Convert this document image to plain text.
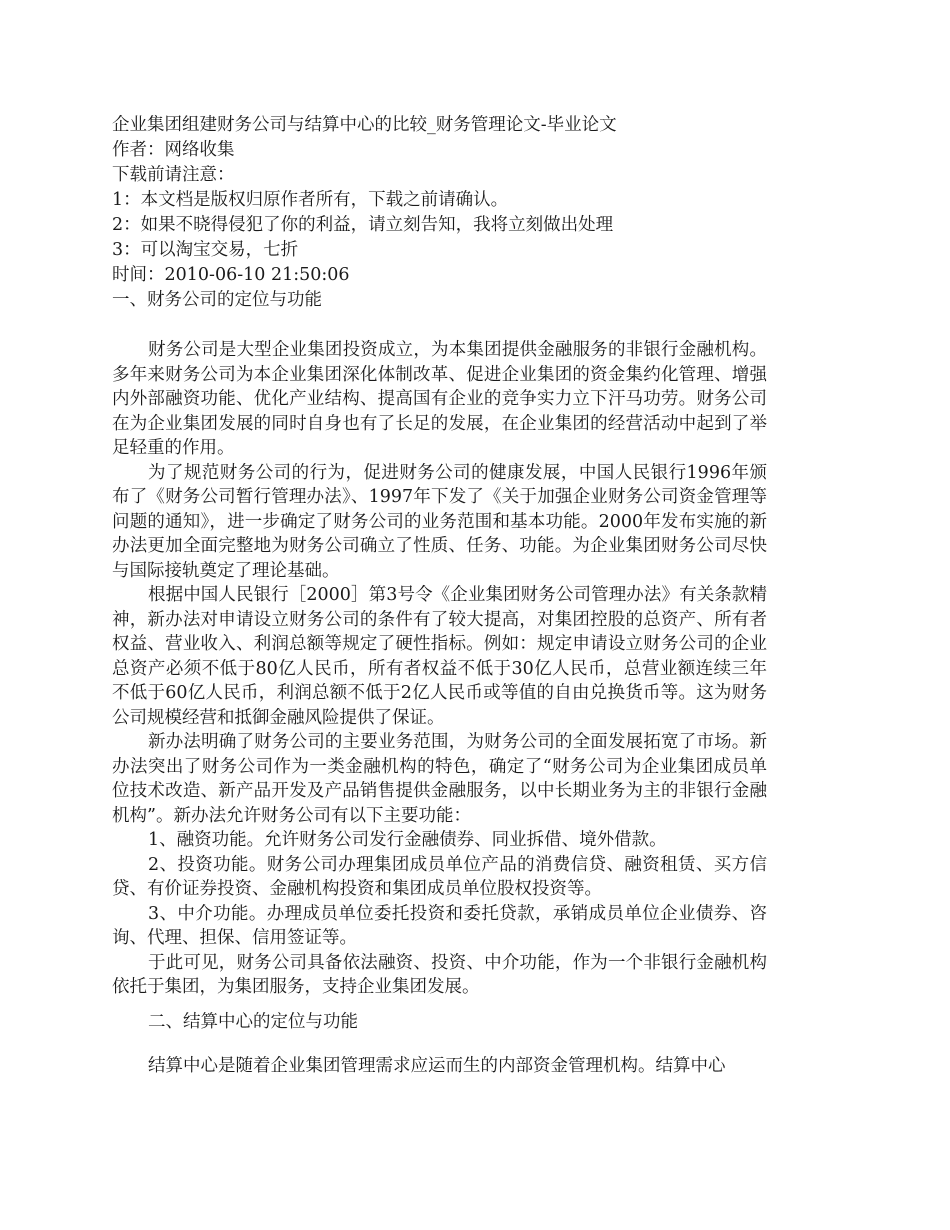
企业集团组建财务公司与结算中心的比较_财务管理论文-毕业论文
作者：网络收集
下载前请注意：
1：本文档是版权归原作者所有，下载之前请确认。
2：如果不晓得侵犯了你的利益，请立刻告知，我将立刻做出处理
3：可以淘宝交易，七折
时间：2010-06-10 21:50:06
一、财务公司的定位与功能

财务公司是大型企业集团投资成立，为本集团提供金融服务的非银行金融机构。多年来财务公司为本企业集团深化体制改革、促进企业集团的资金集约化管理、增强内外部融资功能、优化产业结构、提高国有企业的竞争实力立下汗马功劳。财务公司在为企业集团发展的同时自身也有了长足的发展，在企业集团的经营活动中起到了举足轻重的作用。

为了规范财务公司的行为，促进财务公司的健康发展，中国人民银行1996年颁布了《财务公司暂行管理办法》、1997年下发了《关于加强企业财务公司资金管理等问题的通知》，进一步确定了财务公司的业务范围和基本功能。2000年发布实施的新办法更加全面完整地为财务公司确立了性质、任务、功能。为企业集团财务公司尽快与国际接轨奠定了理论基础。

根据中国人民银行［2000］第3号令《企业集团财务公司管理办法》有关条款精神，新办法对申请设立财务公司的条件有了较大提高，对集团控股的总资产、所有者权益、营业收入、利润总额等规定了硬性指标。例如：规定申请设立财务公司的企业总资产必须不低于80亿人民币，所有者权益不低于30亿人民币，总营业额连续三年不低于60亿人民币，利润总额不低于2亿人民币或等值的自由兑换货币等。这为财务公司规模经营和抵御金融风险提供了保证。

新办法明确了财务公司的主要业务范围，为财务公司的全面发展拓宽了市场。新办法突出了财务公司作为一类金融机构的特色，确定了“财务公司为企业集团成员单位技术改造、新产品开发及产品销售提供金融服务，以中长期业务为主的非银行金融机构”。新办法允许财务公司有以下主要功能：

1、融资功能。允许财务公司发行金融债券、同业拆借、境外借款。

2、投资功能。财务公司办理集团成员单位产品的消费信贷、融资租赁、买方信贷、有价证券投资、金融机构投资和集团成员单位股权投资等。

3、中介功能。办理成员单位委托投资和委托贷款，承销成员单位企业债券、咨询、代理、担保、信用签证等。

于此可见，财务公司具备依法融资、投资、中介功能，作为一个非银行金融机构依托于集团，为集团服务，支持企业集团发展。

二、结算中心的定位与功能

结算中心是随着企业集团管理需求应运而生的内部资金管理机构。结算中心
